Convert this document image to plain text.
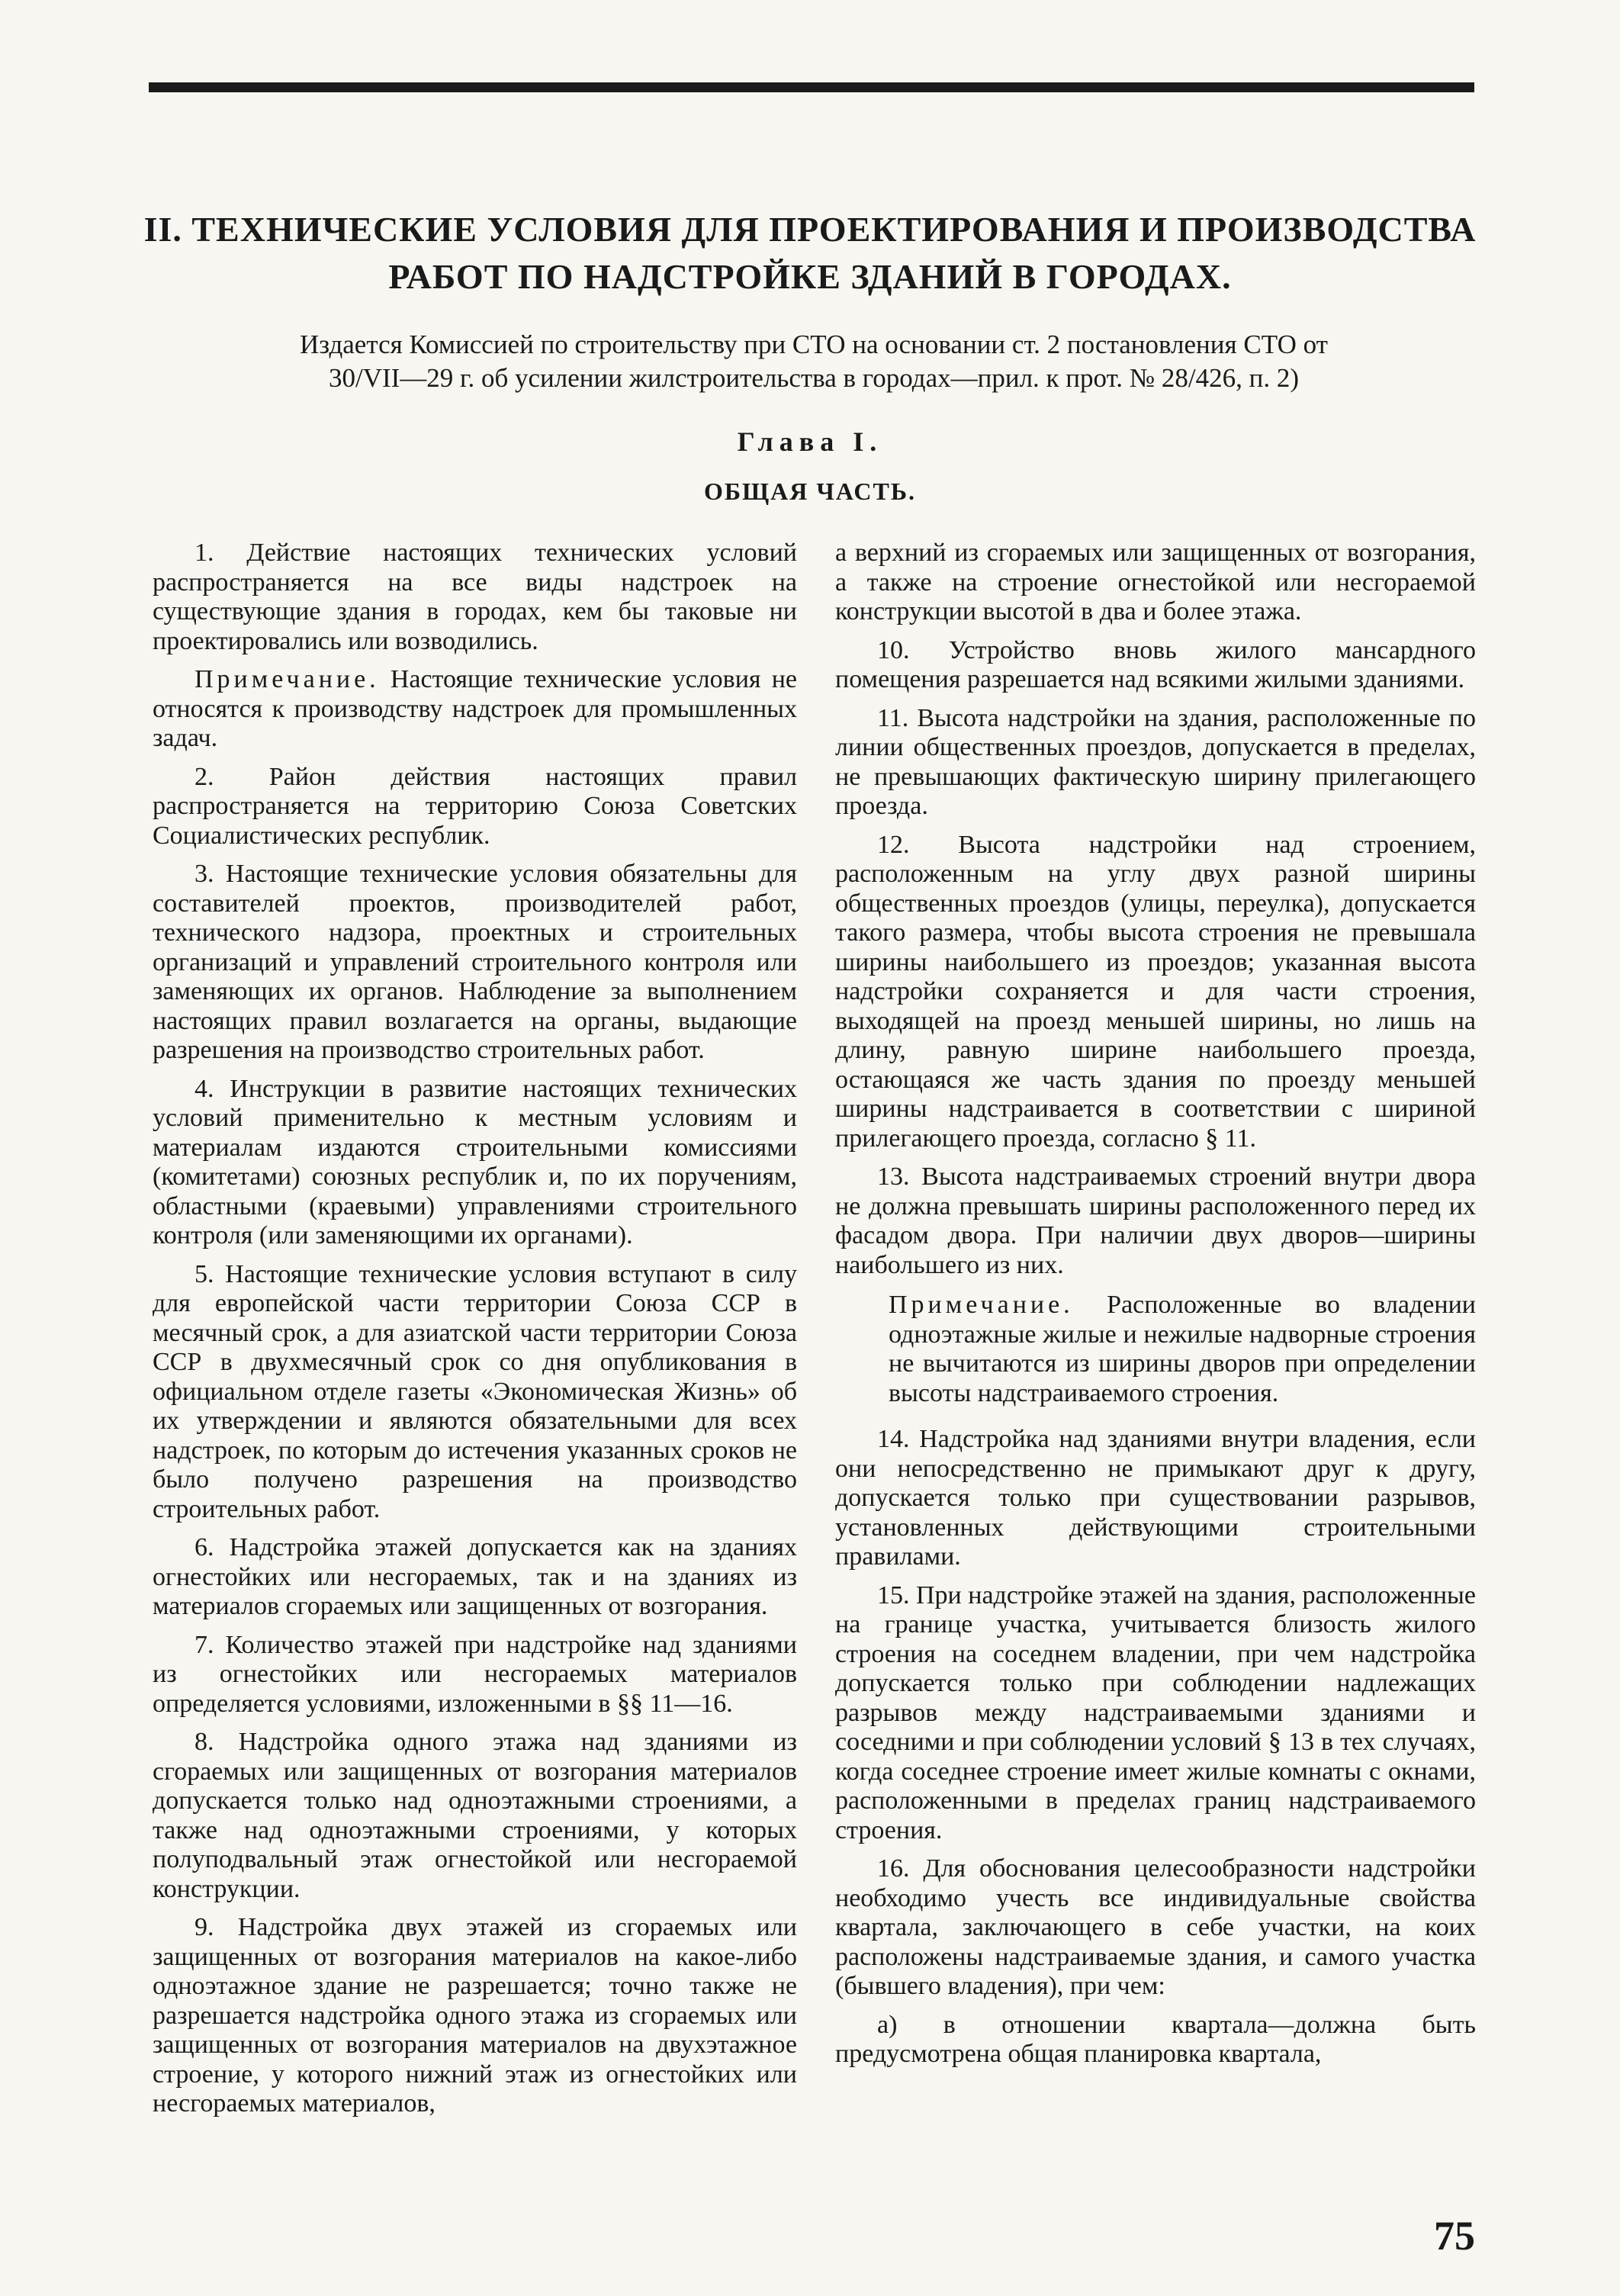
II. ТЕХНИЧЕСКИЕ УСЛОВИЯ ДЛЯ ПРОЕКТИРОВАНИЯ И ПРОИЗВОДСТВА
РАБОТ ПО НАДСТРОЙКЕ ЗДАНИЙ В ГОРОДАХ.
Издается Комиссией по строительству при СТО на основании ст. 2 постановления СТО от
30/VII—29 г. об усилении жилстроительства в городах—прил. к прот. № 28/426, п. 2)
Глава I.
ОБЩАЯ ЧАСТЬ.

1. Действие настоящих технических условий распространяется на все виды надстроек на существующие здания в городах, кем бы таковые ни проектировались или возводились.

Примечание. Настоящие технические условия не относятся к производству надстроек для промышленных задач.

2. Район действия настоящих правил распространяется на территорию Союза Советских Социалистических республик.

3. Настоящие технические условия обязательны для составителей проектов, производителей работ, технического надзора, проектных и строительных организаций и управлений строительного контроля или заменяющих их органов. Наблюдение за выполнением настоящих правил возлагается на органы, выдающие разрешения на производство строительных работ.

4. Инструкции в развитие настоящих технических условий применительно к местным условиям и материалам издаются строительными комиссиями (комитетами) союзных республик и, по их поручениям, областными (краевыми) управлениями строительного контроля (или заменяющими их органами).

5. Настоящие технические условия вступают в силу для европейской части территории Союза ССР в месячный срок, а для азиатской части территории Союза ССР в двухмесячный срок со дня опубликования в официальном отделе газеты «Экономическая Жизнь» об их утверждении и являются обязательными для всех надстроек, по которым до истечения указанных сроков не было получено разрешения на производство строительных работ.

6. Надстройка этажей допускается как на зданиях огнестойких или несгораемых, так и на зданиях из материалов сгораемых или защищенных от возгорания.

7. Количество этажей при надстройке над зданиями из огнестойких или несгораемых материалов определяется условиями, изложенными в §§ 11—16.

8. Надстройка одного этажа над зданиями из сгораемых или защищенных от возгорания материалов допускается только над одноэтажными строениями, а также над одноэтажными строениями, у которых полуподвальный этаж огнестойкой или несгораемой конструкции.

9. Надстройка двух этажей из сгораемых или защищенных от возгорания материалов на какое-либо одноэтажное здание не разрешается; точно также не разрешается надстройка одного этажа из сгораемых или защищенных от возгорания материалов на двухэтажное строение, у которого нижний этаж из огнестойких или несгораемых материалов,

а верхний из сгораемых или защищенных от возгорания, а также на строение огнестойкой или несгораемой конструкции высотой в два и более этажа.

10. Устройство вновь жилого мансардного помещения разрешается над всякими жилыми зданиями.

11. Высота надстройки на здания, расположенные по линии общественных проездов, допускается в пределах, не превышающих фактическую ширину прилегающего проезда.

12. Высота надстройки над строением, расположенным на углу двух разной ширины общественных проездов (улицы, переулка), допускается такого размера, чтобы высота строения не превышала ширины наибольшего из проездов; указанная высота надстройки сохраняется и для части строения, выходящей на проезд меньшей ширины, но лишь на длину, равную ширине наибольшего проезда, остающаяся же часть здания по проезду меньшей ширины надстраивается в соответствии с шириной прилегающего проезда, согласно § 11.

13. Высота надстраиваемых строений внутри двора не должна превышать ширины расположенного перед их фасадом двора. При наличии двух дворов—ширины наибольшего из них.

Примечание. Расположенные во владении одноэтажные жилые и нежилые надворные строения не вычитаются из ширины дворов при определении высоты надстраиваемого строения.

14. Надстройка над зданиями внутри владения, если они непосредственно не примыкают друг к другу, допускается только при существовании разрывов, установленных действующими строительными правилами.

15. При надстройке этажей на здания, расположенные на границе участка, учитывается близость жилого строения на соседнем владении, при чем надстройка допускается только при соблюдении надлежащих разрывов между надстраиваемыми зданиями и соседними и при соблюдении условий § 13 в тех случаях, когда соседнее строение имеет жилые комнаты с окнами, расположенными в пределах границ надстраиваемого строения.

16. Для обоснования целесообразности надстройки необходимо учесть все индивидуальные свойства квартала, заключающего в себе участки, на коих расположены надстраиваемые здания, и самого участка (бывшего владения), при чем:

а) в отношении квартала—должна быть предусмотрена общая планировка квартала,

75
